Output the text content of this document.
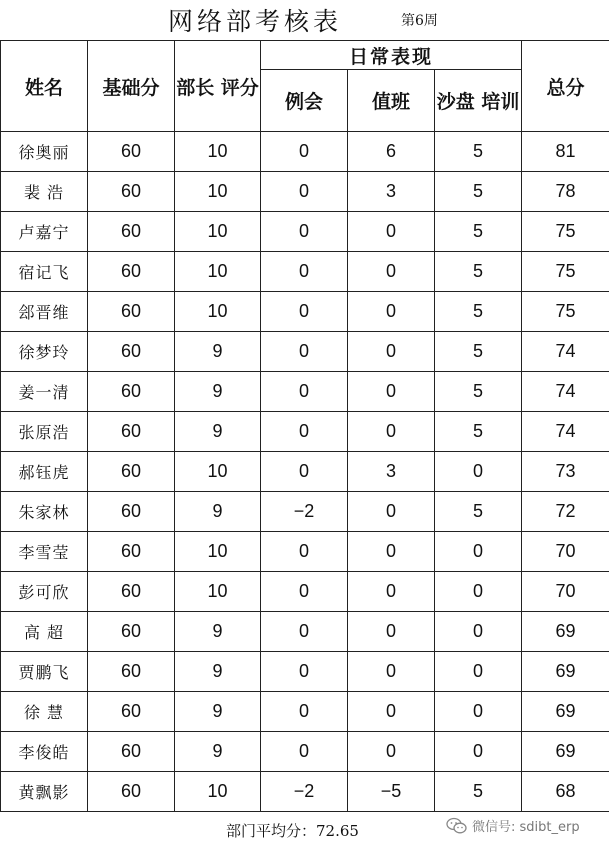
网络部考核表	第6周
姓名	基础分	部长 评分	日常表现			总分
			例会	值班	沙盘 培训	
徐奥丽	60	10	0	6	5	81
裴 浩	60	10	0	3	5	78
卢嘉宁	60	10	0	0	5	75
宿记飞	60	10	0	0	5	75
郐晋维	60	10	0	0	5	75
徐梦玲	60	9	0	0	5	74
姜一清	60	9	0	0	5	74
张原浩	60	9	0	0	5	74
郝钰虎	60	10	0	3	0	73
朱家林	60	9	−2	0	5	72
李雪莹	60	10	0	0	0	70
彭可欣	60	10	0	0	0	70
高 超	60	9	0	0	0	69
贾鹏飞	60	9	0	0	0	69
徐 慧	60	9	0	0	0	69
李俊皓	60	9	0	0	0	69
黄飘影	60	10	−2	−5	5	68
部门平均分：72.65	微信号: sdibt_erp
